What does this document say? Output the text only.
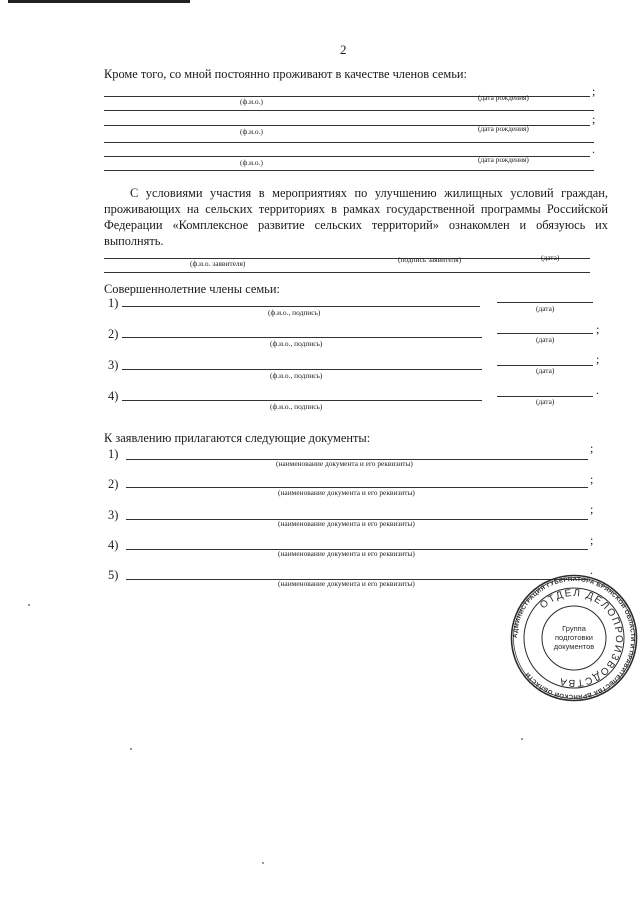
2
Кроме того, со мной постоянно проживают в качестве членов семьи:
;
(ф.и.о.)	(дата рождения)
;
(ф.и.о.)	(дата рождения)
.
(ф.и.о.)	(дата рождения)
С условиями участия в мероприятиях по улучшению жилищных условий граждан, проживающих на сельских территориях в рамках государственной программы Российской Федерации «Комплексное развитие сельских территорий» ознакомлен и обязуюсь их выполнять.
(ф.и.о. заявителя)	(подпись заявителя)	(дата)
Совершеннолетние члены семьи:
1)
(ф.и.о., подпись)	(дата)
2)	;
(ф.и.о., подпись)	(дата)
3)	;
(ф.и.о., подпись)
(дата)
4)	.
(ф.и.о., подпись)
(дата)
К заявлению прилагаются следующие документы:
1)	;
(наименование документа и его реквизиты)
2)	;
(наименование документа и его реквизиты)
3)	;
(наименование документа и его реквизиты)
4)	;
(наименование документа и его реквизиты)
5)	.
(наименование документа и его реквизиты)
АДМИНИСТРАЦИЯ ГУБЕРНАТОРА БРЯНСКОЙ ОБЛАСТИ И ПРАВИТЕЛЬСТВА БРЯНСКОЙ ОБЛАСТИ
ОТДЕЛ ДЕЛОПРОИЗВОДСТВА
Группа
подготовки
документов
